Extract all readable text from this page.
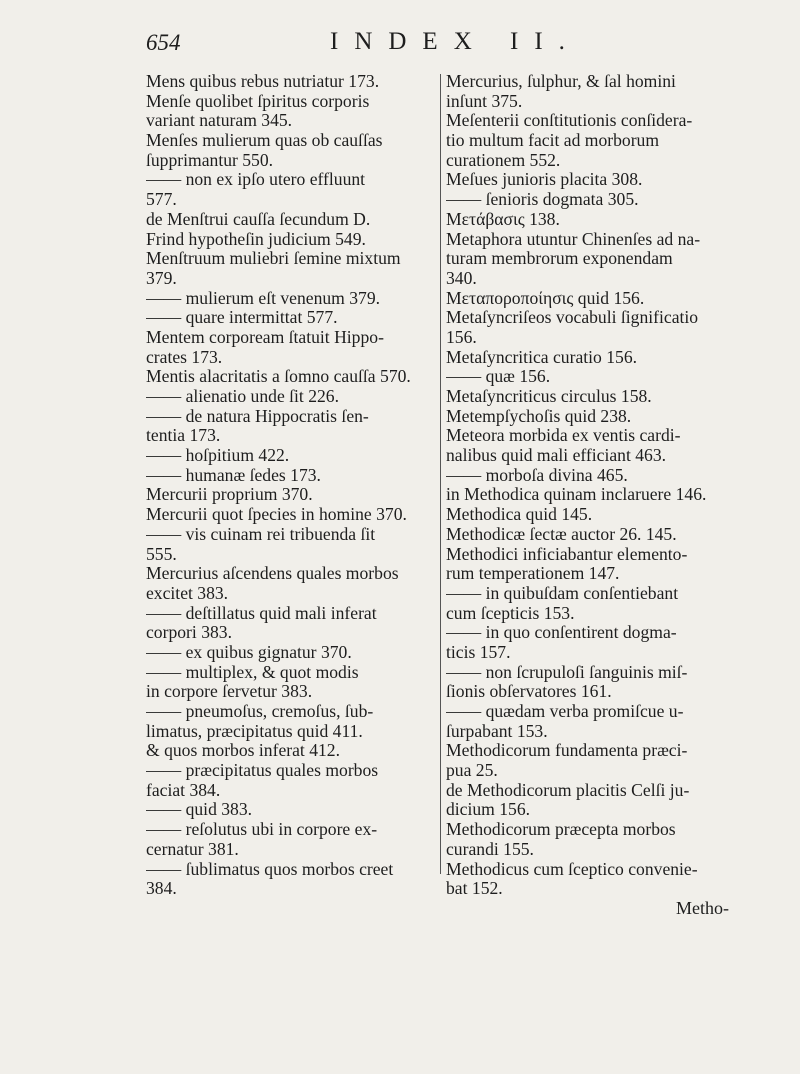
654	INDEX II.
Mens quibus rebus nutriatur 173.
Menſe quolibet ſpiritus corporis
variant naturam 345.
Menſes mulierum quas ob cauſſas
ſupprimantur 550.
—— non ex ipſo utero effluunt
577.
de Menſtrui cauſſa ſecundum D.
Frind hypotheſin judicium 549.
Menſtruum muliebri ſemine mixtum
379.
—— mulierum eſt venenum 379.
—— quare intermittat 577.
Mentem corpoream ſtatuit Hippo-
crates 173.
Mentis alacritatis a ſomno cauſſa 570.
—— alienatio unde ſit 226.
—— de natura Hippocratis ſen-
tentia 173.
—— hoſpitium 422.
—— humanæ ſedes 173.
Mercurii proprium 370.
Mercurii quot ſpecies in homine 370.
—— vis cuinam rei tribuenda ſit
555.
Mercurius aſcendens quales morbos
excitet 383.
—— deſtillatus quid mali inferat
corpori 383.
—— ex quibus gignatur 370.
—— multiplex, & quot modis
in corpore ſervetur 383.
—— pneumoſus, cremoſus, ſub-
limatus, præcipitatus quid 411.
& quos morbos inferat 412.
—— præcipitatus quales morbos
faciat 384.
—— quid 383.
—— reſolutus ubi in corpore ex-
cernatur 381.
—— ſublimatus quos morbos creet
384.
Mercurius, ſulphur, & ſal homini
inſunt 375.
Meſenterii conſtitutionis conſidera-
tio multum facit ad morborum
curationem 552.
Meſues junioris placita 308.
—— ſenioris dogmata 305.
Μετάβασις 138.
Metaphora utuntur Chinenſes ad na-
turam membrorum exponendam
340.
Μεταποροποίησις quid 156.
Metaſyncriſeos vocabuli ſignificatio
156.
Metaſyncritica curatio 156.
—— quæ 156.
Metaſyncriticus circulus 158.
Metempſychoſis quid 238.
Meteora morbida ex ventis cardi-
nalibus quid mali efficiant 463.
—— morboſa divina 465.
in Methodica quinam inclaruere 146.
Methodica quid 145.
Methodicæ ſectæ auctor 26. 145.
Methodici inficiabantur elemento-
rum temperationem 147.
—— in quibuſdam conſentiebant
cum ſcepticis 153.
—— in quo conſentirent dogma-
ticis 157.
—— non ſcrupuloſi ſanguinis miſ-
ſionis obſervatores 161.
—— quædam verba promiſcue u-
ſurpabant 153.
Methodicorum fundamenta præci-
pua 25.
de Methodicorum placitis Celſi ju-
dicium 156.
Methodicorum præcepta morbos
curandi 155.
Methodicus cum ſceptico convenie-
bat 152.
Metho-
